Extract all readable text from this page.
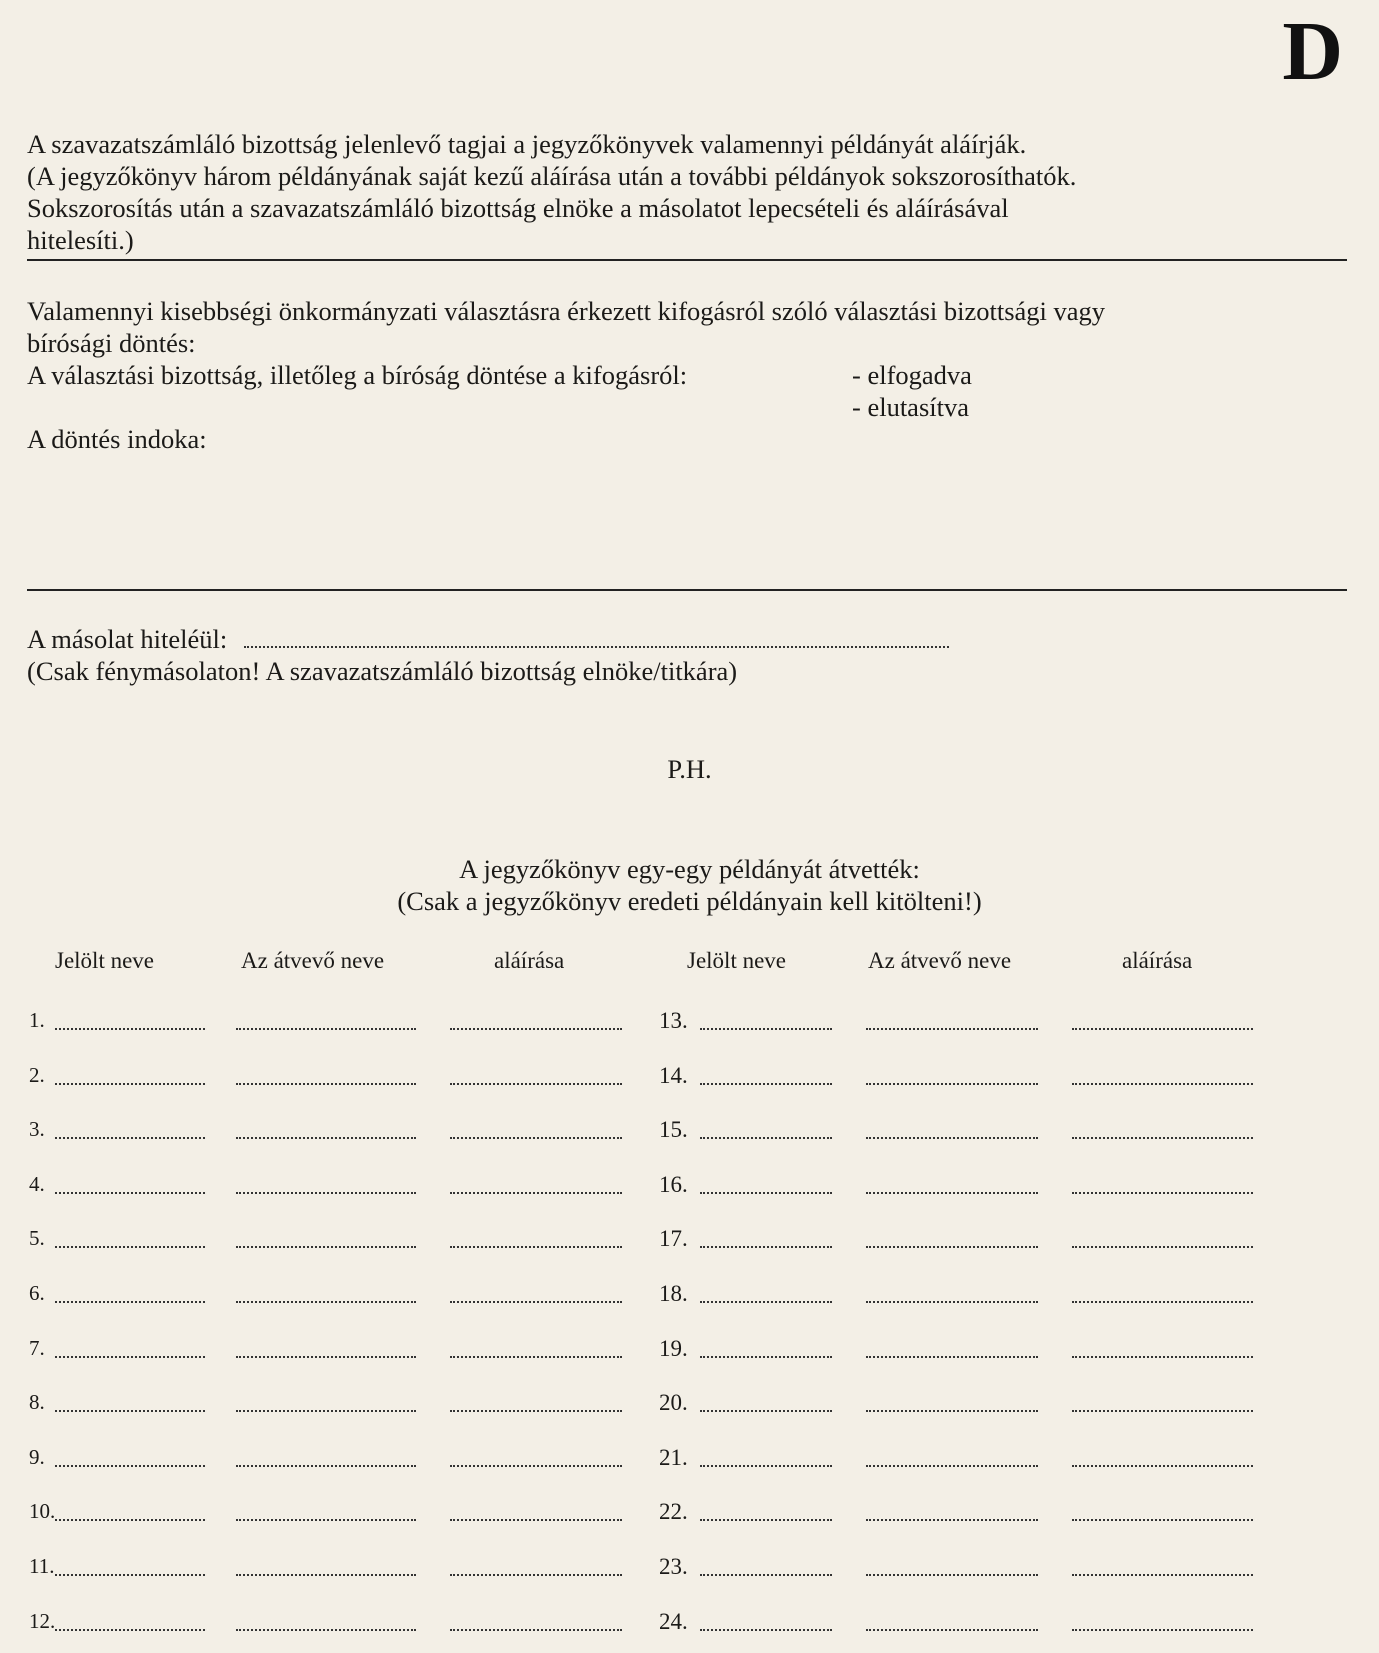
D

A szavazatszámláló bizottság jelenlevő tagjai a jegyzőkönyvek valamennyi példányát aláírják.

(A jegyzőkönyv három példányának saját kezű aláírása után a további példányok sokszorosíthatók.

Sokszorosítás után a szavazatszámláló bizottság elnöke a másolatot lepecsételi és aláírásával

hitelesíti.)

Valamennyi kisebbségi önkormányzati választásra érkezett kifogásról szóló választási bizottsági vagy

bírósági döntés:

A választási bizottság, illetőleg a bíróság döntése a kifogásról:	- elfogadva
- elutasítva
A döntés indoka:
A másolat hiteléül:
(Csak fénymásolaton! A szavazatszámláló bizottság elnöke/titkára)
P.H.
A jegyzőkönyv egy-egy példányát átvették:
(Csak a jegyzőkönyv eredeti példányain kell kitölteni!)
Jelölt neve	Az átvevő neve	aláírása	Jelölt neve	Az átvevő neve	aláírása
1.	13.
2.	14.
3.	15.
4.	16.
5.	17.
6.	18.
7.	19.
8.	20.
9.	21.
10.	22.
11.	23.
12.	24.
